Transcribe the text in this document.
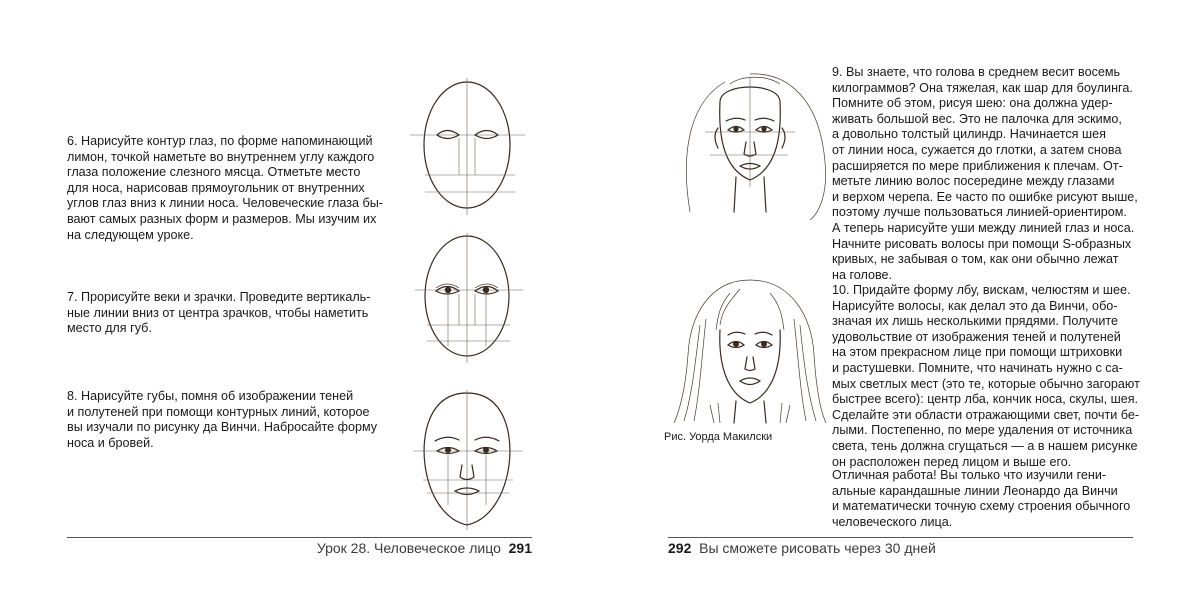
6. Нарисуйте контур глаз, по форме напоминающий
лимон, точкой наметьте во внутреннем углу каждого
глаза положение слезного мясца. Отметьте место
для носа, нарисовав прямоугольник от внутренних
углов глаз вниз к линии носа. Человеческие глаза бы-
вают самых разных форм и размеров. Мы изучим их
на следующем уроке.
7. Прорисуйте веки и зрачки. Проведите вертикаль-
ные линии вниз от центра зрачков, чтобы наметить
место для губ.
8. Нарисуйте губы, помня об изображении теней
и полутеней при помощи контурных линий, которое
вы изучали по рисунку да Винчи. Набросайте форму
носа и бровей.
Урок 28. Человеческое лицо 291
Рис. Уорда Макилски
9. Вы знаете, что голова в среднем весит восемь
килограммов? Она тяжелая, как шар для боулинга.
Помните об этом, рисуя шею: она должна удер-
живать большой вес. Это не палочка для эскимо,
а довольно толстый цилиндр. Начинается шея
от линии носа, сужается до глотки, а затем снова
расширяется по мере приближения к плечам. От-
метьте линию волос посередине между глазами
и верхом черепа. Ее часто по ошибке рисуют выше,
поэтому лучше пользоваться линией-ориентиром.
А теперь нарисуйте уши между линией глаз и носа.
Начните рисовать волосы при помощи S-образных
кривых, не забывая о том, как они обычно лежат
на голове.
10. Придайте форму лбу, вискам, челюстям и шее.
Нарисуйте волосы, как делал это да Винчи, обо-
значая их лишь несколькими прядями. Получите
удовольствие от изображения теней и полутеней
на этом прекрасном лице при помощи штриховки
и растушевки. Помните, что начинать нужно с са-
мых светлых мест (это те, которые обычно загорают
быстрее всего): центр лба, кончик носа, скулы, шея.
Сделайте эти области отражающими свет, почти бе-
лыми. Постепенно, по мере удаления от источника
света, тень должна сгущаться — а в нашем рисунке
он расположен перед лицом и выше его.
Отличная работа! Вы только что изучили гени-
альные карандашные линии Леонардо да Винчи
и математически точную схему строения обычного
человеческого лица.
292 Вы сможете рисовать через 30 дней
